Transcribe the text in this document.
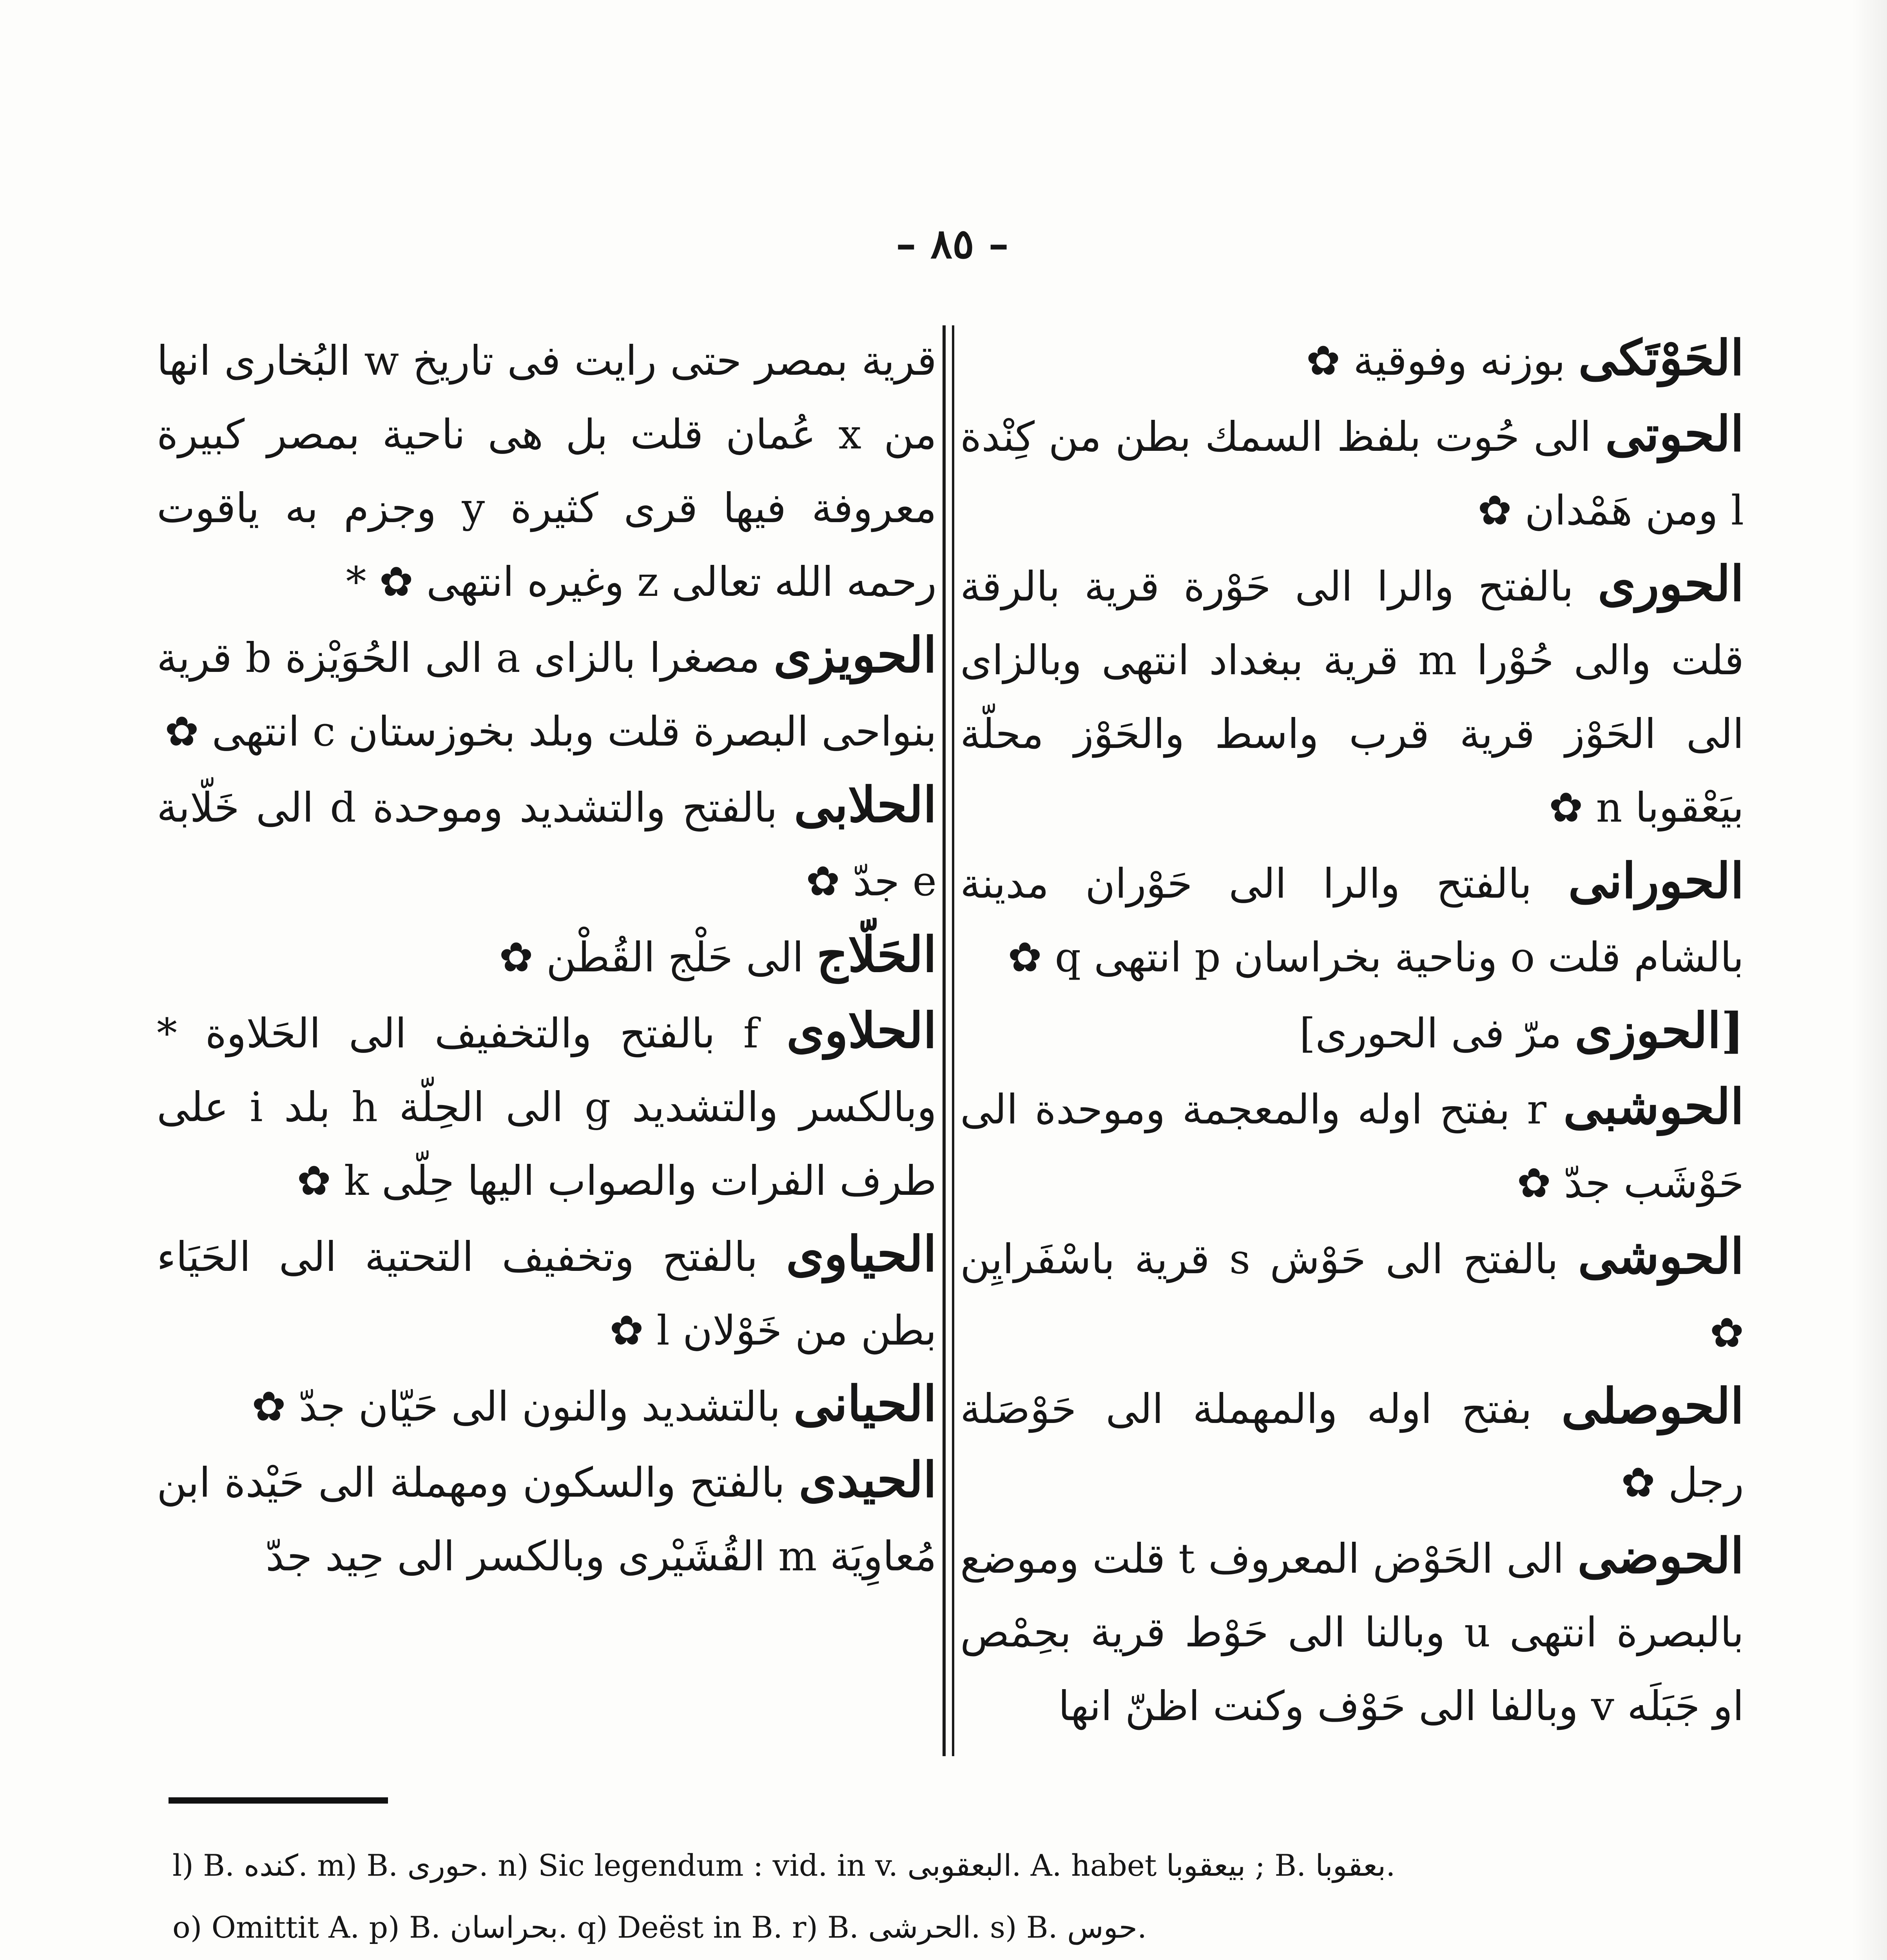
– ٨٥ –

الحَوْتَكى بوزنه وفوقية ✿

الحوتى الى حُوت بلفظ السمك بطن من كِنْدة l ومن هَمْدان ✿

الحورى بالفتح والرا الى حَوْرة قرية بالرقة قلت والى حُوْرا m قرية ببغداد انتهى وبالزاى الى الحَوْز قرية قرب واسط والحَوْز محلّة بيَعْقوبا n ✿

الحورانى بالفتح والرا الى حَوْران مدينة بالشام قلت o وناحية بخراسان p انتهى q ✿

[الحوزى مرّ فى الحورى]

الحوشبى r بفتح اوله والمعجمة وموحدة الى حَوْشَب جدّ ✿

الحوشى بالفتح الى حَوْش s قرية باسْفَرايِن ✿

الحوصلى بفتح اوله والمهملة الى حَوْصَلة رجل ✿

الحوضى الى الحَوْض المعروف t قلت وموضع بالبصرة انتهى u وبالنا الى حَوْط قرية بحِمْص او جَبَلَه v وبالفا الى حَوْف وكنت اظنّ انها

قرية بمصر حتى رايت فى تاريخ w البُخارى انها من x عُمان قلت بل هى ناحية بمصر كبيرة معروفة فيها قرى كثيرة y وجزم به ياقوت رحمه الله تعالى z وغيره انتهى ✿ *

الحويزى مصغرا بالزاى a الى الحُوَيْزة b قرية بنواحى البصرة قلت وبلد بخوزستان c انتهى ✿

الحلابى بالفتح والتشديد وموحدة d الى خَلّابة e جدّ ✿

الحَلّاج الى حَلْج القُطْن ✿

الحلاوى f بالفتح والتخفيف الى الحَلاوة * وبالكسر والتشديد g الى الحِلّة h بلد i على طرف الفرات والصواب اليها حِلّى k ✿

الحياوى بالفتح وتخفيف التحتية الى الحَيَاء بطن من خَوْلان l ✿

الحيانى بالتشديد والنون الى حَيّان جدّ ✿

الحيدى بالفتح والسكون ومهملة الى حَيْدة ابن مُعاوِيَة m القُشَيْرى وبالكسر الى حِيد جدّ

l) B. كنده. m) B. حورى. n) Sic legendum : vid. in v. البعقوبى. A. habet بيعقوبا ; B. بعقوبا.

o) Omittit A. p) B. بحراسان. q) Deëst in B. r) B. الحرشى. s) B. حوس.
